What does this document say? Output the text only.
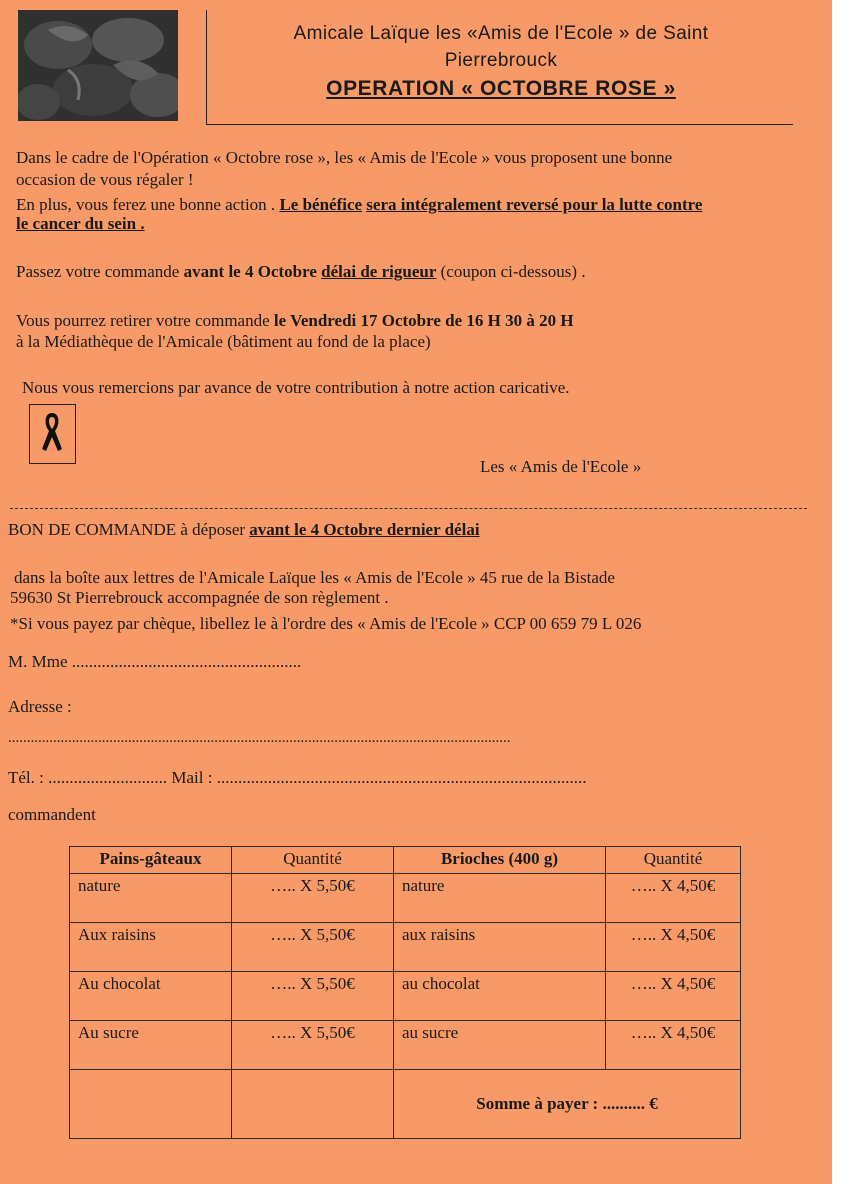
Amicale Laïque les «Amis de l'Ecole » de Saint
Pierrebrouck
OPERATION « OCTOBRE ROSE »
Dans le cadre de l'Opération « Octobre rose », les « Amis de l'Ecole » vous proposent une bonne
occasion de vous régaler !
En plus, vous ferez une bonne action . Le bénéfice sera intégralement reversé pour la lutte contre
le cancer du sein .
Passez votre commande avant le 4 Octobre délai de rigueur (coupon ci-dessous) .
Vous pourrez retirer votre commande le Vendredi 17 Octobre de 16 H 30 à 20 H
à la Médiathèque de l'Amicale (bâtiment au fond de la place)
Nous vous remercions par avance de votre contribution à notre action caricative.
Les « Amis de l'Ecole »
BON DE COMMANDE à déposer avant le 4 Octobre dernier délai
dans la boîte aux lettres de l'Amicale Laïque les « Amis de l'Ecole » 45 rue de la Bistade
59630 St Pierrebrouck accompagnée de son règlement .
*Si vous payez par chèque, libellez le à l'ordre des « Amis de l'Ecole » CCP 00 659 79 L 026
M. Mme ......................................................
Adresse :
......................................................................................................................................
Tél. : ............................ Mail : .......................................................................................
commandent
Pains-gâteaux	Quantité	Brioches (400 g)	Quantité
nature	….. X 5,50€	nature	….. X 4,50€
Aux raisins	….. X 5,50€	aux raisins	….. X 4,50€
Au chocolat	….. X 5,50€	au chocolat	….. X 4,50€
Au sucre	….. X 5,50€	au sucre	….. X 4,50€
		Somme à payer : .......... €	
